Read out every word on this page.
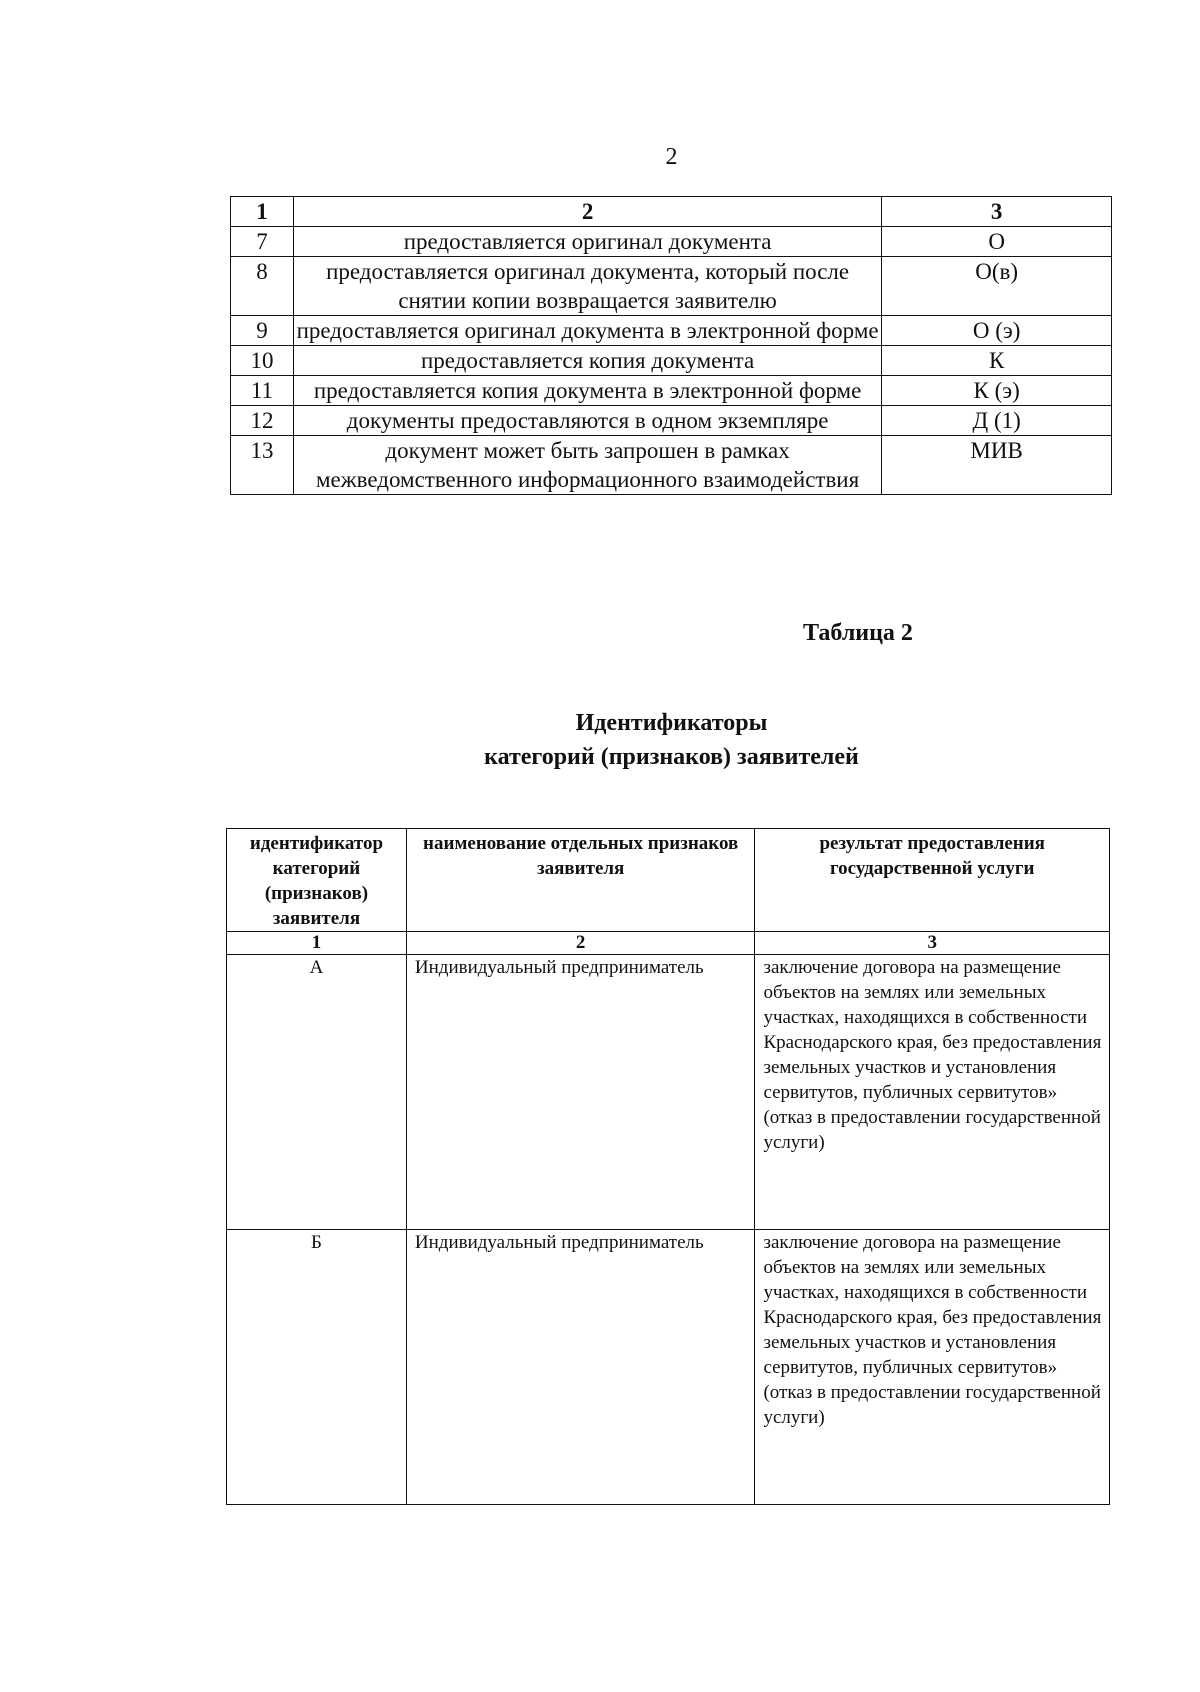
2
1	2	3
7	предоставляется оригинал документа	О
8	предоставляется оригинал документа, который после снятии копии возвращается заявителю	О(в)
9	предоставляется оригинал документа в электронной форме	О (э)
10	предоставляется копия документа	К
11	предоставляется копия документа в электронной форме	К (э)
12	документы предоставляются в одном экземпляре	Д (1)
13	документ может быть запрошен в рамках межведомственного информационного взаимодействия	МИВ
Таблица 2
Идентификаторы
категорий (признаков) заявителей
идентификатор категорий (признаков) заявителя	наименование отдельных признаков заявителя	результат предоставления государственной услуги
1	2	3
А	Индивидуальный предприниматель	заключение договора на размещение объектов на землях или земельных участках, находящихся в собственности Краснодарского края, без предоставления земельных участков и установления сервитутов, публичных сервитутов» (отказ в предоставлении государственной услуги)
Б	Индивидуальный предприниматель	заключение договора на размещение объектов на землях или земельных участках, находящихся в собственности Краснодарского края, без предоставления земельных участков и установления сервитутов, публичных сервитутов» (отказ в предоставлении государственной услуги)
